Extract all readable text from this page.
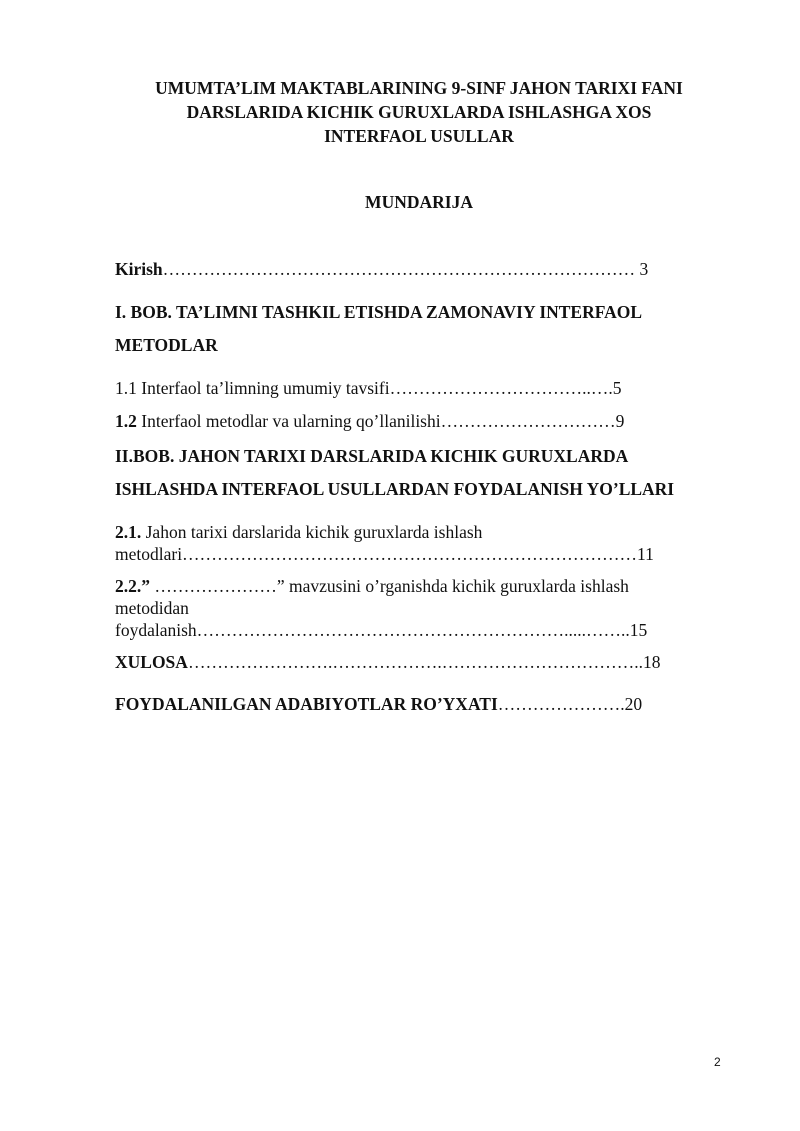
UMUMTA’LIM MAKTABLARINING 9-SINF JAHON TARIXI FANI
DARSLARIDA KICHIK GURUXLARDA ISHLASHGA XOS
INTERFAOL USULLAR
MUNDARIJA
Kirish……………………………………………………………………… 3
I. BOB. TA’LIMNI TASHKIL ETISHDA ZAMONAVIY INTERFAOL
METODLAR
1.1 Interfaol ta’limning umumiy tavsifi……………………………..….5
1.2 Interfaol metodlar va ularning qo’llanilishi…………………………9
II.BOB. JAHON TARIXI DARSLARIDA KICHIK GURUXLARDA
ISHLASHDA INTERFAOL USULLARDAN FOYDALANISH YO’LLARI
2.1. Jahon tarixi darslarida kichik guruxlarda ishlash
metodlari……………………………………………………………………11
2.2.” …………………” mavzusini o’rganishda kichik guruxlarda ishlash
metodidan
foydalanish……………………………………………………….....……..15
XULOSA…………………….……………….……………………………..18
FOYDALANILGAN ADABIYOTLAR RO’YXATI………………….20
2
